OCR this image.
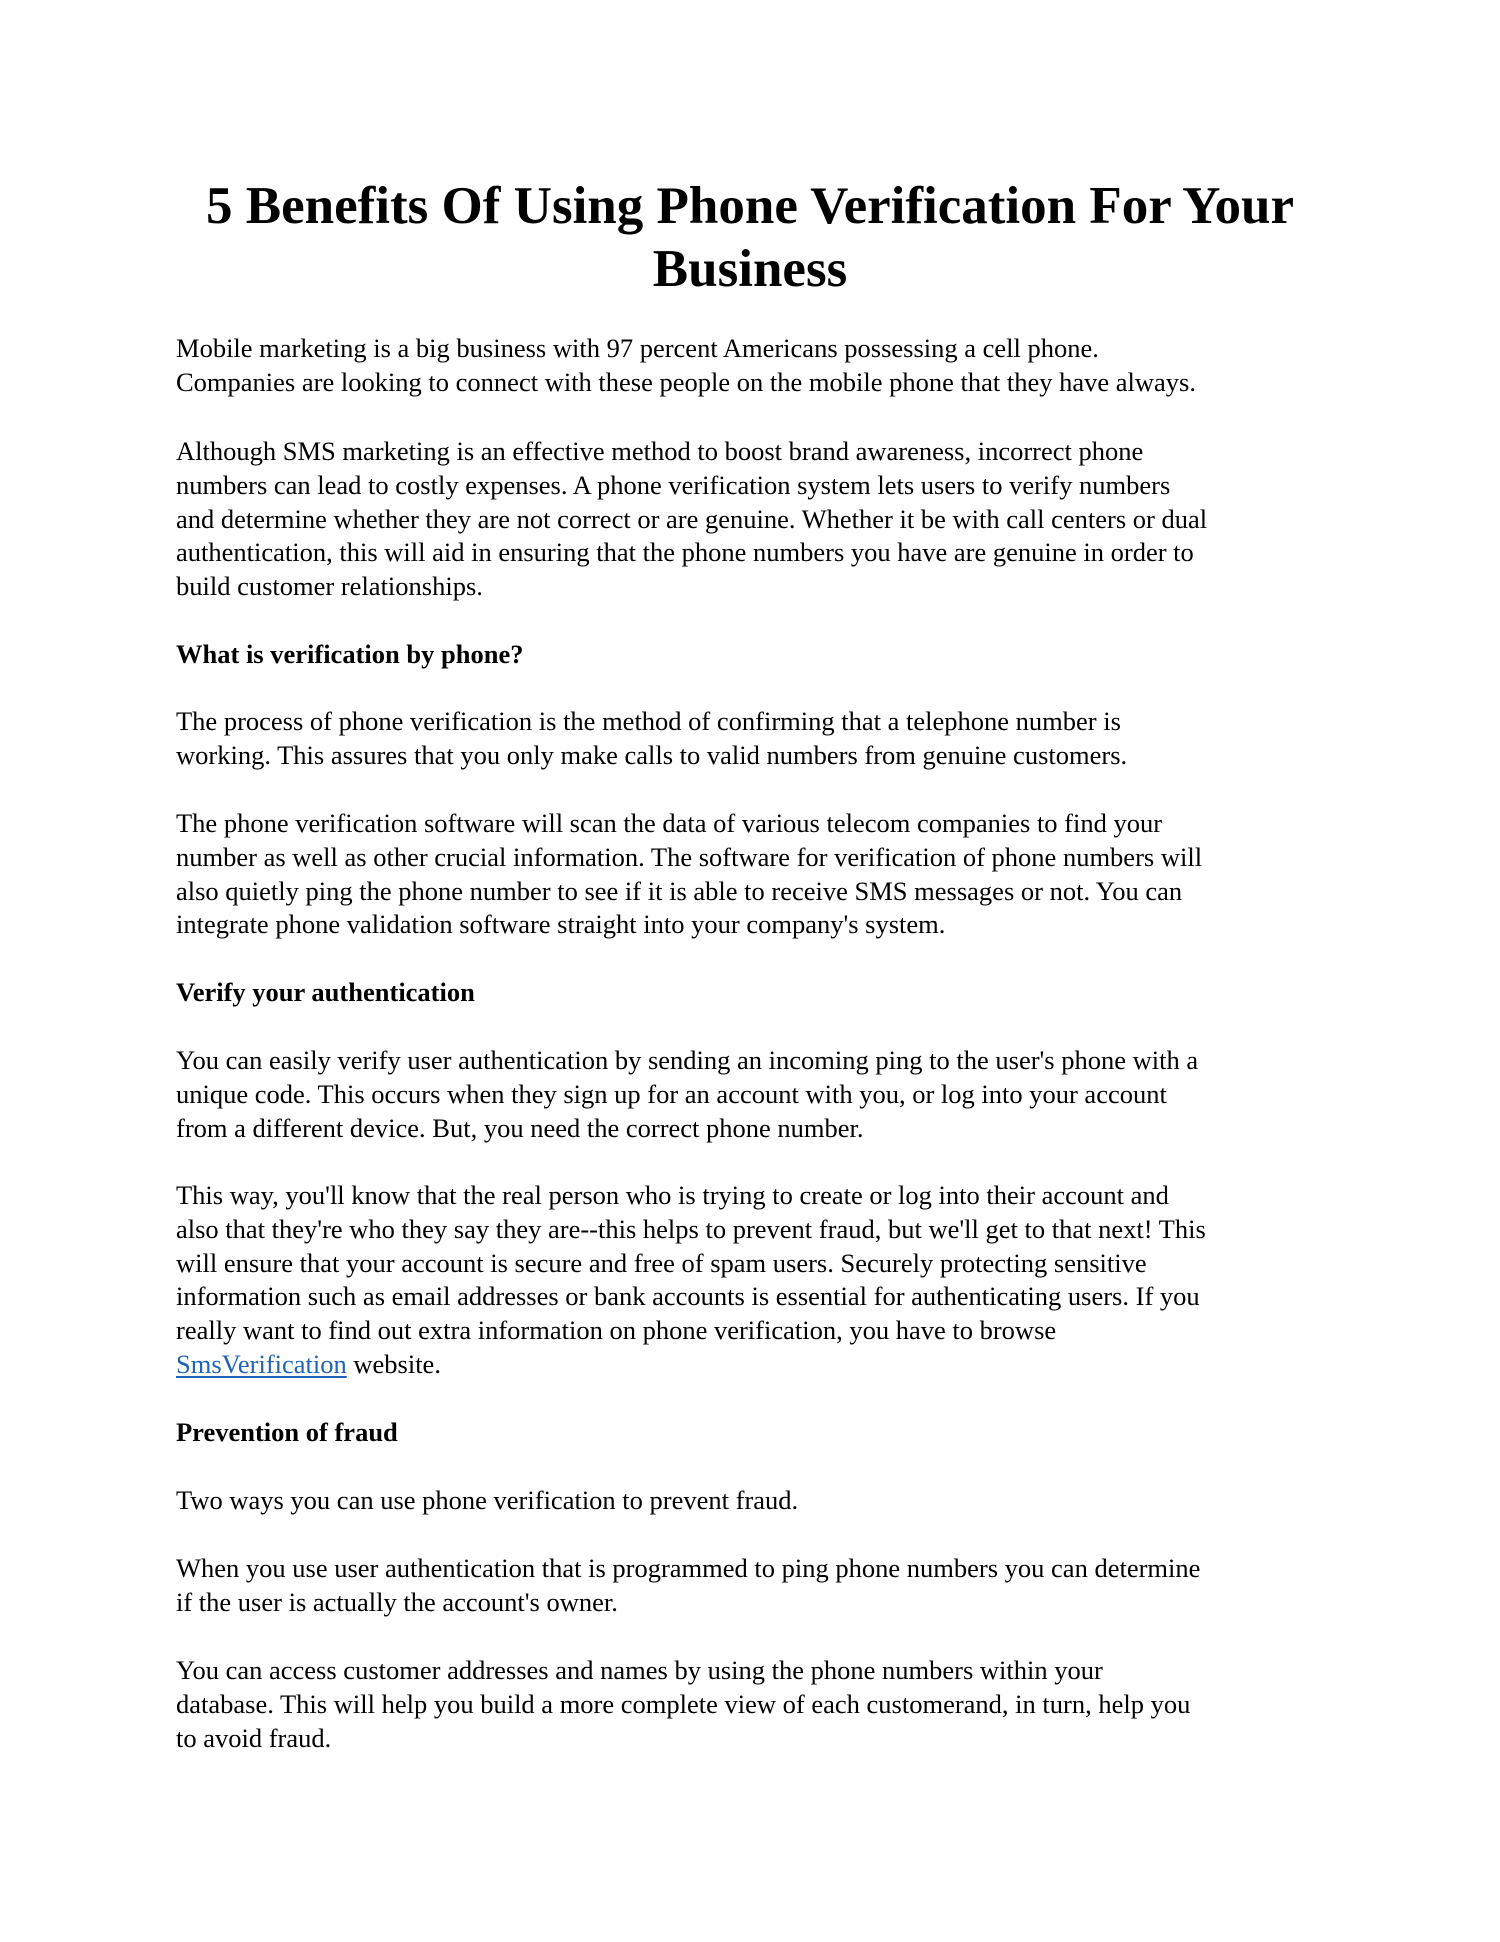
5 Benefits Of Using Phone Verification For Your
Business

Mobile marketing is a big business with 97 percent Americans possessing a cell phone.
Companies are looking to connect with these people on the mobile phone that they have always.

Although SMS marketing is an effective method to boost brand awareness, incorrect phone
numbers can lead to costly expenses. A phone verification system lets users to verify numbers
and determine whether they are not correct or are genuine. Whether it be with call centers or dual
authentication, this will aid in ensuring that the phone numbers you have are genuine in order to
build customer relationships.

What is verification by phone?

The process of phone verification is the method of confirming that a telephone number is
working. This assures that you only make calls to valid numbers from genuine customers.

The phone verification software will scan the data of various telecom companies to find your
number as well as other crucial information. The software for verification of phone numbers will
also quietly ping the phone number to see if it is able to receive SMS messages or not. You can
integrate phone validation software straight into your company's system.

Verify your authentication

You can easily verify user authentication by sending an incoming ping to the user's phone with a
unique code. This occurs when they sign up for an account with you, or log into your account
from a different device. But, you need the correct phone number.

This way, you'll know that the real person who is trying to create or log into their account and
also that they're who they say they are--this helps to prevent fraud, but we'll get to that next! This
will ensure that your account is secure and free of spam users. Securely protecting sensitive
information such as email addresses or bank accounts is essential for authenticating users. If you
really want to find out extra information on phone verification, you have to browse
SmsVerification website.

Prevention of fraud

Two ways you can use phone verification to prevent fraud.

When you use user authentication that is programmed to ping phone numbers you can determine
if the user is actually the account's owner.

You can access customer addresses and names by using the phone numbers within your
database. This will help you build a more complete view of each customerand, in turn, help you
to avoid fraud.
